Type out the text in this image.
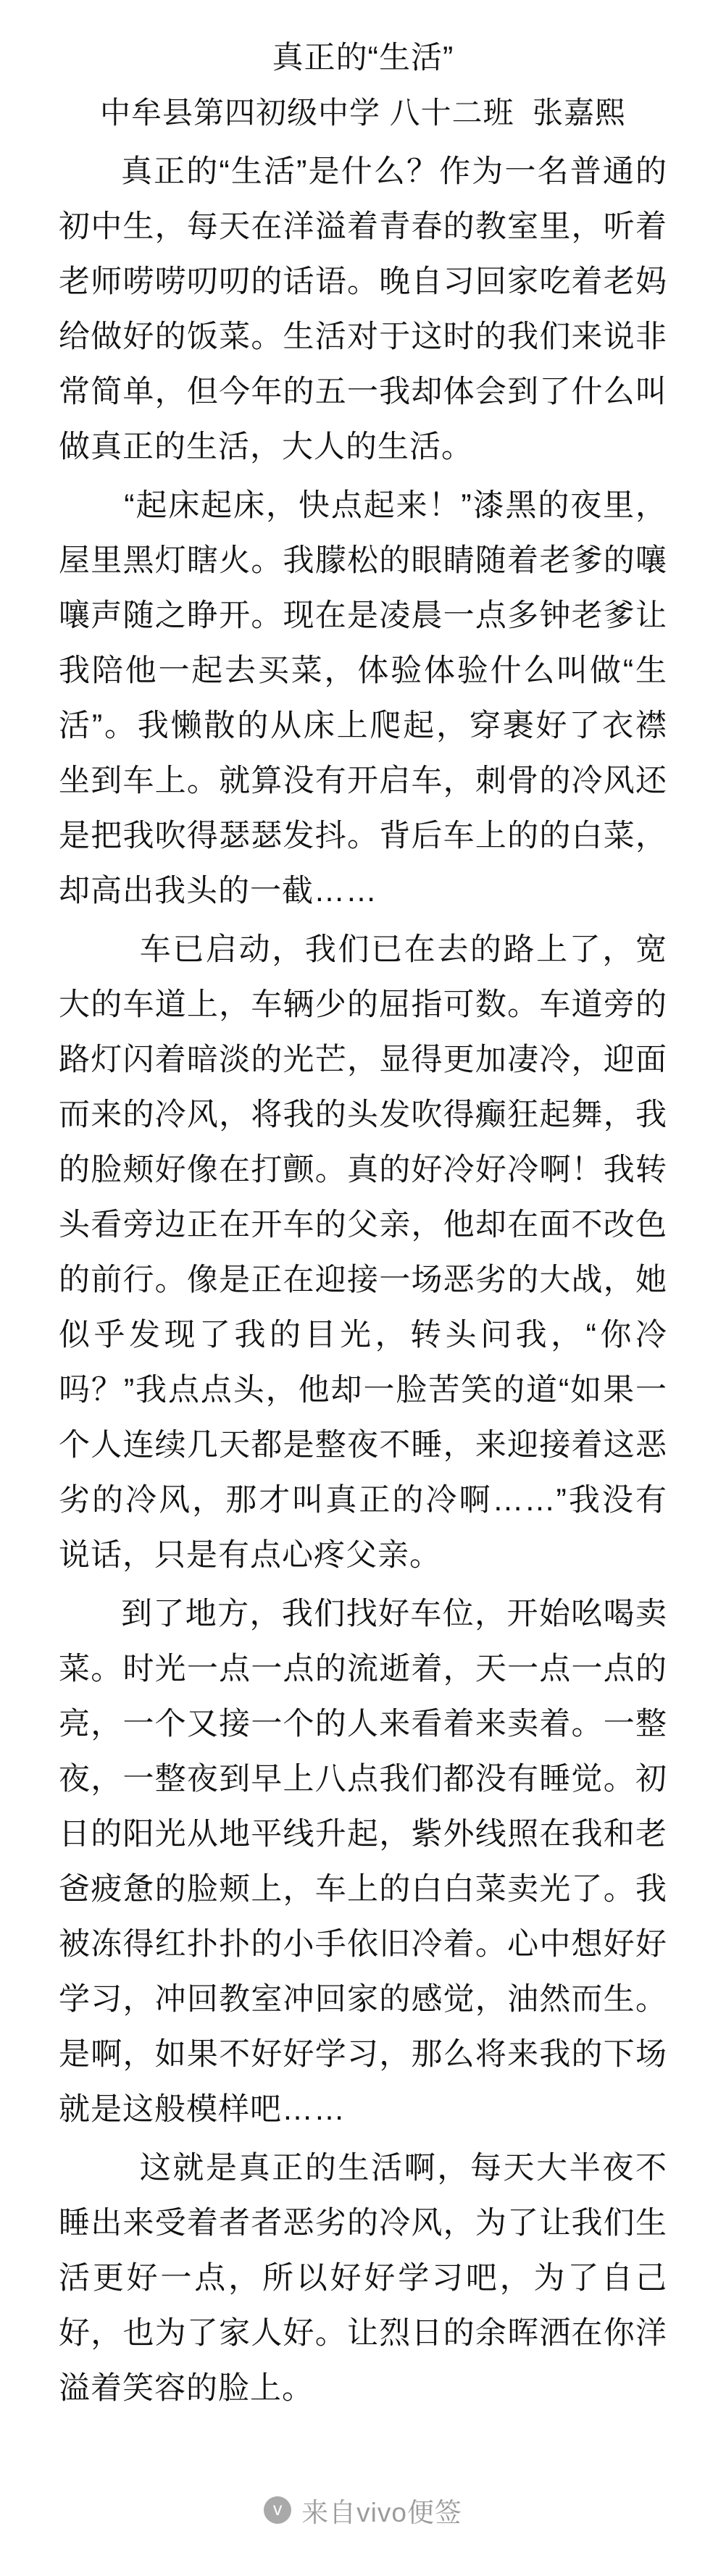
真正的“生活”
中牟县第四初级中学 八十二班  张嘉熙

真正的“生活”是什么？作为一名普通的初中生，每天在洋溢着青春的教室里，听着老师唠唠叨叨的话语。晚自习回家吃着老妈给做好的饭菜。生活对于这时的我们来说非常简单，但今年的五一我却体会到了什么叫做真正的生活，大人的生活。

“起床起床，快点起来！”漆黑的夜里，屋里黑灯瞎火。我朦松的眼睛随着老爹的嚷嚷声随之睁开。现在是凌晨一点多钟老爹让我陪他一起去买菜，体验体验什么叫做“生活”。我懒散的从床上爬起，穿裹好了衣襟坐到车上。就算没有开启车，刺骨的冷风还是把我吹得瑟瑟发抖。背后车上的的白菜，却高出我头的一截……

车已启动，我们已在去的路上了，宽大的车道上，车辆少的屈指可数。车道旁的路灯闪着暗淡的光芒，显得更加凄冷，迎面而来的冷风，将我的头发吹得癫狂起舞，我的脸颊好像在打颤。真的好冷好冷啊！我转头看旁边正在开车的父亲，他却在面不改色的前行。像是正在迎接一场恶劣的大战，她似乎发现了我的目光，转头问我，“你冷吗？”我点点头，他却一脸苦笑的道“如果一个人连续几天都是整夜不睡，来迎接着这恶劣的冷风，那才叫真正的冷啊……”我没有说话，只是有点心疼父亲。

到了地方，我们找好车位，开始吆喝卖菜。时光一点一点的流逝着，天一点一点的亮，一个又接一个的人来看着来卖着。一整夜，一整夜到早上八点我们都没有睡觉。初日的阳光从地平线升起，紫外线照在我和老爸疲惫的脸颊上，车上的白白菜卖光了。我被冻得红扑扑的小手依旧冷着。心中想好好学习，冲回教室冲回家的感觉，油然而生。是啊，如果不好好学习，那么将来我的下场就是这般模样吧……

这就是真正的生活啊，每天大半夜不睡出来受着者者恶劣的冷风，为了让我们生活更好一点，所以好好学习吧，为了自己好，也为了家人好。让烈日的余晖洒在你洋溢着笑容的脸上。

v 来自vivo便签
